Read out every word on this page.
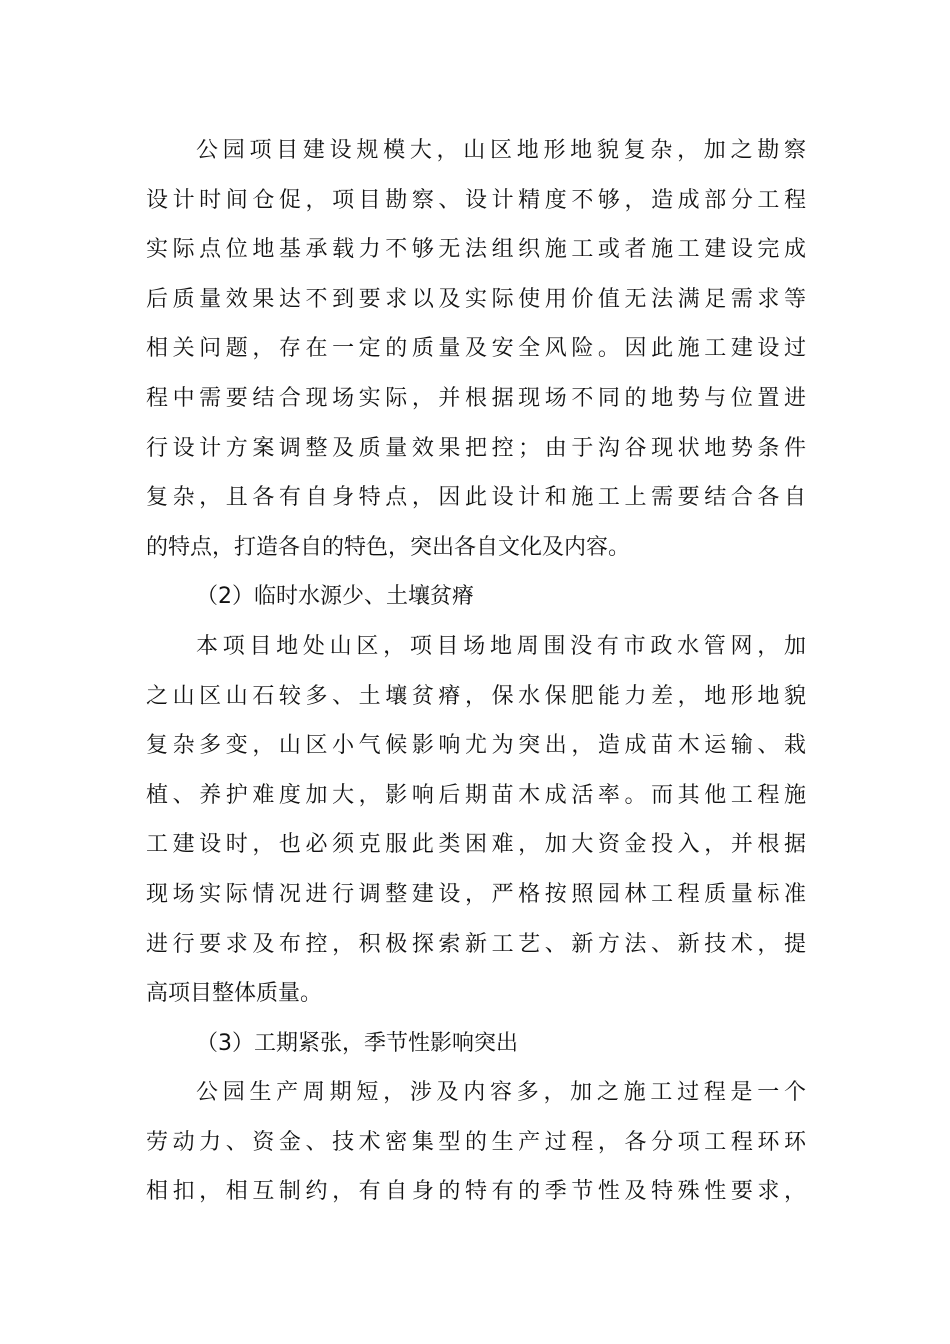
公园项目建设规模大，山区地形地貌复杂，加之勘察
设计时间仓促，项目勘察、设计精度不够，造成部分工程
实际点位地基承载力不够无法组织施工或者施工建设完成
后质量效果达不到要求以及实际使用价值无法满足需求等
相关问题，存在一定的质量及安全风险。因此施工建设过
程中需要结合现场实际，并根据现场不同的地势与位置进
行设计方案调整及质量效果把控；由于沟谷现状地势条件
复杂，且各有自身特点，因此设计和施工上需要结合各自
的特点，打造各自的特色，突出各自文化及内容。
（2）临时水源少、土壤贫瘠
本项目地处山区，项目场地周围没有市政水管网，加
之山区山石较多、土壤贫瘠，保水保肥能力差，地形地貌
复杂多变，山区小气候影响尤为突出，造成苗木运输、栽
植、养护难度加大，影响后期苗木成活率。而其他工程施
工建设时，也必须克服此类困难，加大资金投入，并根据
现场实际情况进行调整建设，严格按照园林工程质量标准
进行要求及布控，积极探索新工艺、新方法、新技术，提
高项目整体质量。
（3）工期紧张，季节性影响突出
公园生产周期短，涉及内容多，加之施工过程是一个
劳动力、资金、技术密集型的生产过程，各分项工程环环
相扣，相互制约，有自身的特有的季节性及特殊性要求，
